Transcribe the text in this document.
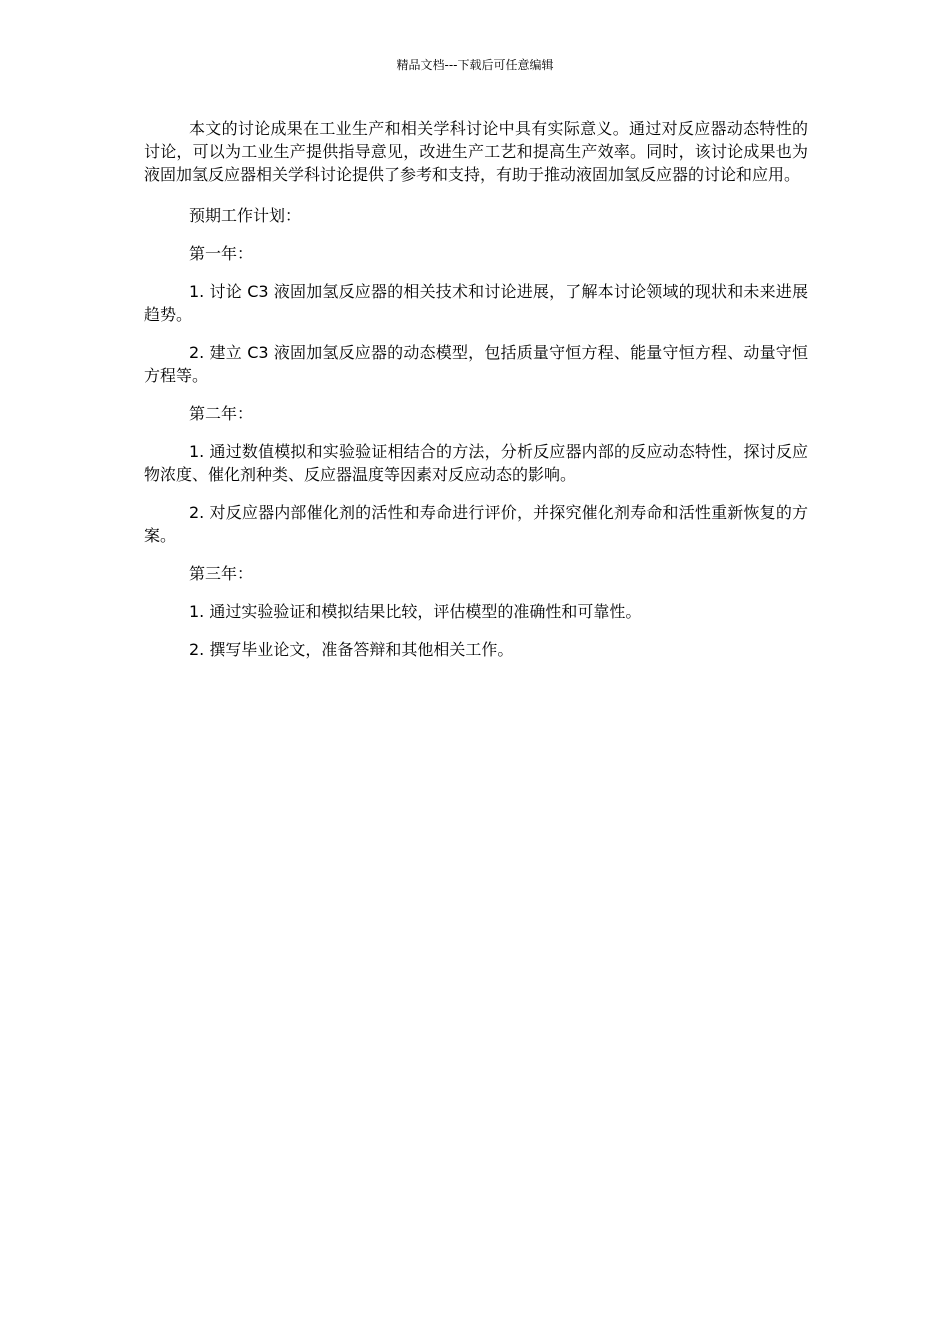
精品文档---下载后可任意编辑

本文的讨论成果在工业生产和相关学科讨论中具有实际意义。通过对反应器动态特性的讨论，可以为工业生产提供指导意见，改进生产工艺和提高生产效率。同时，该讨论成果也为液固加氢反应器相关学科讨论提供了参考和支持，有助于推动液固加氢反应器的讨论和应用。

预期工作计划：

第一年：

1. 讨论 C3 液固加氢反应器的相关技术和讨论进展，了解本讨论领域的现状和未来进展趋势。

2. 建立 C3 液固加氢反应器的动态模型，包括质量守恒方程、能量守恒方程、动量守恒方程等。

第二年：

1. 通过数值模拟和实验验证相结合的方法，分析反应器内部的反应动态特性，探讨反应物浓度、催化剂种类、反应器温度等因素对反应动态的影响。

2. 对反应器内部催化剂的活性和寿命进行评价，并探究催化剂寿命和活性重新恢复的方案。

第三年：

1. 通过实验验证和模拟结果比较，评估模型的准确性和可靠性。

2. 撰写毕业论文，准备答辩和其他相关工作。
